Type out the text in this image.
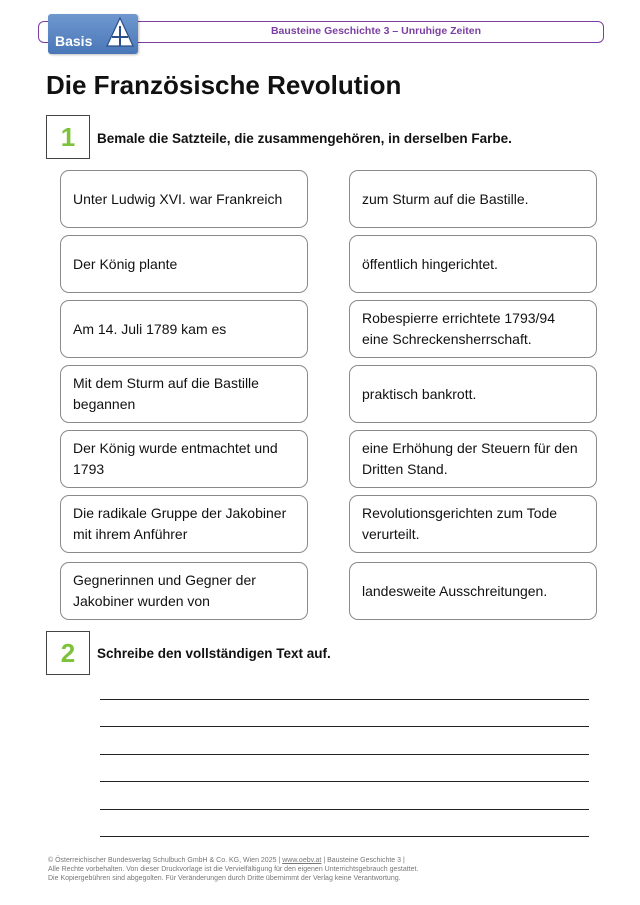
Bausteine Geschichte 3 – Unruhige Zeiten
Basis
Die Französische Revolution
1	Bemale die Satzteile, die zusammengehören, in derselben Farbe.
Unter Ludwig XVI. war Frankreich
Der König plante
Am 14. Juli 1789 kam es
Mit dem Sturm auf die Bastille begannen
Der König wurde entmachtet und 1793
Die radikale Gruppe der Jakobiner mit ihrem Anführer
Gegnerinnen und Gegner der Jakobiner wurden von
zum Sturm auf die Bastille.
öffentlich hingerichtet.
Robespierre errichtete 1793/94 eine Schreckensherrschaft.
praktisch bankrott.
eine Erhöhung der Steuern für den Dritten Stand.
Revolutionsgerichten zum Tode verurteilt.
landesweite Ausschreitungen.
2	Schreibe den vollständigen Text auf.
© Österreichischer Bundesverlag Schulbuch GmbH & Co. KG, Wien 2025 | www.oebv.at | Bausteine Geschichte 3 |
Alle Rechte vorbehalten. Von dieser Druckvorlage ist die Vervielfältigung für den eigenen Unterrichtsgebrauch gestattet.
Die Kopiergebühren sind abgegolten. Für Veränderungen durch Dritte übernimmt der Verlag keine Verantwortung.
